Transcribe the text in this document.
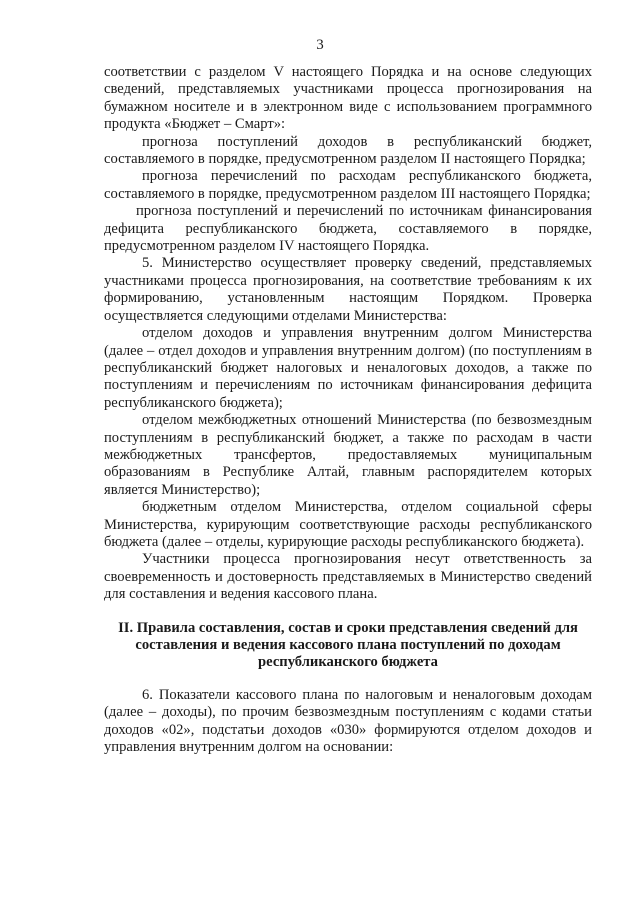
3

соответствии с разделом V настоящего Порядка и на основе следующих сведений, представляемых участниками процесса прогнозирования на бумажном носителе и в электронном виде с использованием программного продукта «Бюджет – Смарт»:

прогноза поступлений доходов в республиканский бюджет, составляемого в порядке, предусмотренном разделом II настоящего Порядка;

прогноза перечислений по расходам республиканского бюджета, составляемого в порядке, предусмотренном разделом III настоящего Порядка;

прогноза поступлений и перечислений по источникам финансирования дефицита республиканского бюджета, составляемого в порядке, предусмотренном разделом IV настоящего Порядка.

5. Министерство осуществляет проверку сведений, представляемых участниками процесса прогнозирования, на соответствие требованиям к их формированию, установленным настоящим Порядком. Проверка осуществляется следующими отделами Министерства:

отделом доходов и управления внутренним долгом Министерства (далее – отдел доходов и управления внутренним долгом) (по поступлениям в республиканский бюджет налоговых и неналоговых доходов, а также по поступлениям и перечислениям по источникам финансирования дефицита республиканского бюджета);

отделом межбюджетных отношений Министерства (по безвозмездным поступлениям в республиканский бюджет, а также по расходам в части межбюджетных трансфертов, предоставляемых муниципальным образованиям в Республике Алтай, главным распорядителем которых является Министерство);

бюджетным отделом Министерства, отделом социальной сферы Министерства, курирующим соответствующие расходы республиканского бюджета (далее – отделы, курирующие расходы республиканского бюджета).

Участники процесса прогнозирования несут ответственность за своевременность и достоверность представляемых в Министерство сведений для составления и ведения кассового плана.

II. Правила составления, состав и сроки представления сведений для составления и ведения кассового плана поступлений по доходам республиканского бюджета

6. Показатели кассового плана по налоговым и неналоговым доходам (далее – доходы), по прочим безвозмездным поступлениям с кодами статьи доходов «02», подстатьи доходов «030» формируются отделом доходов и управления внутренним долгом на основании:
